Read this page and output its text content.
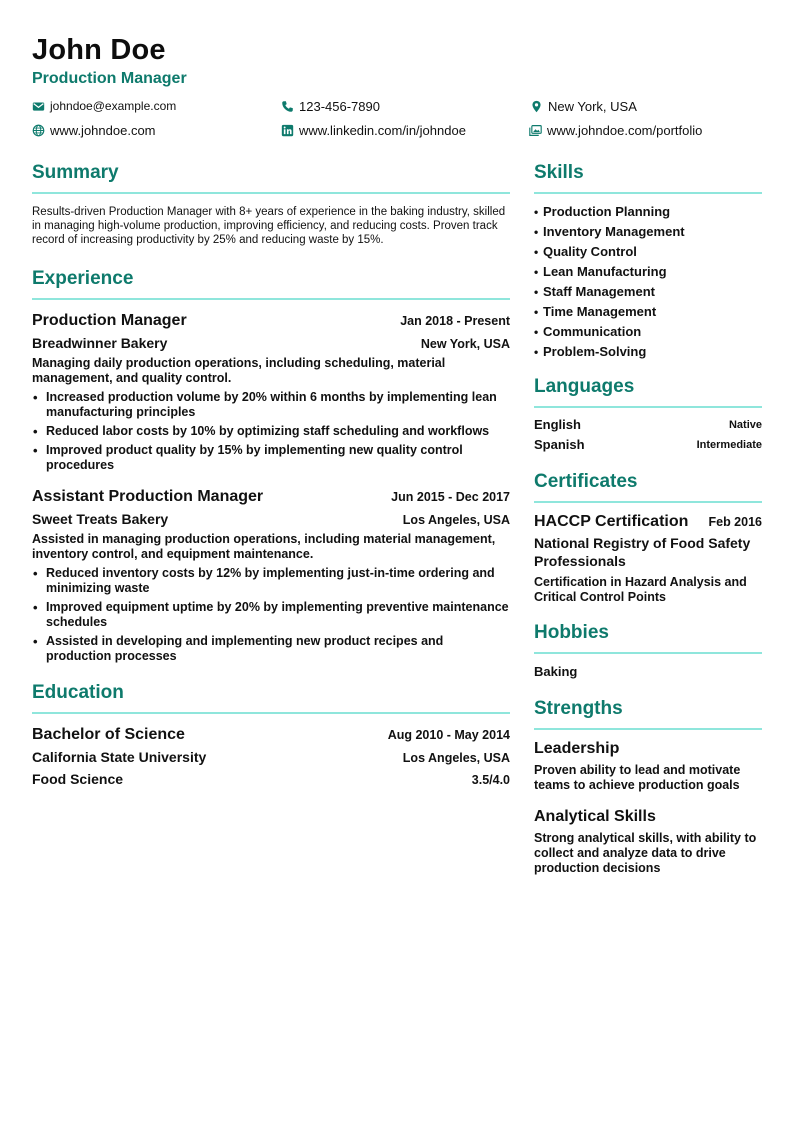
John Doe
Production Manager
johndoe@example.com	123-456-7890	New York, USA
www.johndoe.com	www.linkedin.com/in/johndoe	www.johndoe.com/portfolio
Summary

Results-driven Production Manager with 8+ years of experience in the baking industry, skilled in managing high-volume production, improving efficiency, and reducing costs. Proven track record of increasing productivity by 25% and reducing waste by 15%.

Experience
Production Manager	Jan 2018 - Present
Breadwinner Bakery	New York, USA

Managing daily production operations, including scheduling, material management, and quality control.

• Increased production volume by 20% within 6 months by implementing lean manufacturing principles
• Reduced labor costs by 10% by optimizing staff scheduling and workflows
• Improved product quality by 15% by implementing new quality control procedures
Assistant Production Manager	Jun 2015 - Dec 2017
Sweet Treats Bakery	Los Angeles, USA

Assisted in managing production operations, including material management, inventory control, and equipment maintenance.

• Reduced inventory costs by 12% by implementing just-in-time ordering and minimizing waste
• Improved equipment uptime by 20% by implementing preventive maintenance schedules
• Assisted in developing and implementing new product recipes and production processes
Education
Bachelor of Science	Aug 2010 - May 2014
California State University	Los Angeles, USA
Food Science	3.5/4.0
Skills
• Production Planning
• Inventory Management
• Quality Control
• Lean Manufacturing
• Staff Management
• Time Management
• Communication
• Problem-Solving
Languages
English	Native
Spanish	Intermediate
Certificates
HACCP Certification Feb 2016
National Registry of Food Safety Professionals
Certification in Hazard Analysis and Critical Control Points
Hobbies
Baking
Strengths
Leadership
Proven ability to lead and motivate teams to achieve production goals
Analytical Skills
Strong analytical skills, with ability to collect and analyze data to drive production decisions
